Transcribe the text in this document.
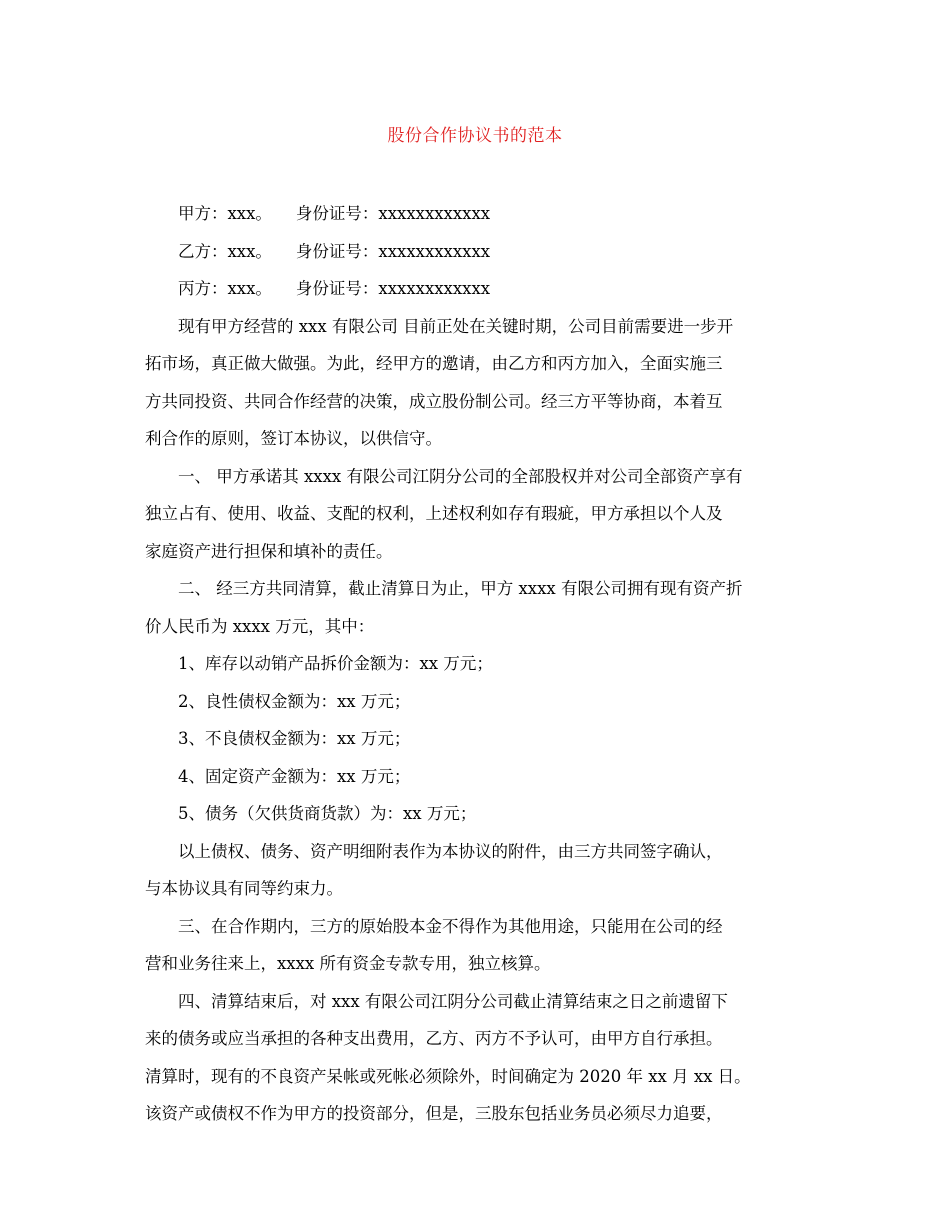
股份合作协议书的范本
甲方：xxx。 身份证号：xxxxxxxxxxxx
乙方：xxx。 身份证号：xxxxxxxxxxxx
丙方：xxx。 身份证号：xxxxxxxxxxxx
现有甲方经营的 xxx 有限公司 目前正处在关键时期，公司目前需要进一步开
拓市场，真正做大做强。为此，经甲方的邀请，由乙方和丙方加入，全面实施三
方共同投资、共同合作经营的决策，成立股份制公司。经三方平等协商，本着互
利合作的原则，签订本协议，以供信守。
一、 甲方承诺其 xxxx 有限公司江阴分公司的全部股权并对公司全部资产享有
独立占有、使用、收益、支配的权利，上述权利如存有瑕疵，甲方承担以个人及
家庭资产进行担保和填补的责任。
二、 经三方共同清算，截止清算日为止，甲方 xxxx 有限公司拥有现有资产折
价人民币为 xxxx 万元，其中：
1、库存以动销产品拆价金额为：xx 万元；
2、良性债权金额为：xx 万元；
3、不良债权金额为：xx 万元；
4、固定资产金额为：xx 万元；
5、债务（欠供货商货款）为：xx 万元；
以上债权、债务、资产明细附表作为本协议的附件，由三方共同签字确认，
与本协议具有同等约束力。
三、在合作期内，三方的原始股本金不得作为其他用途，只能用在公司的经
营和业务往来上，xxxx 所有资金专款专用，独立核算。
四、清算结束后，对 xxx 有限公司江阴分公司截止清算结束之日之前遗留下
来的债务或应当承担的各种支出费用，乙方、丙方不予认可，由甲方自行承担。
清算时，现有的不良资产呆帐或死帐必须除外，时间确定为 2020 年 xx 月 xx 日。
该资产或债权不作为甲方的投资部分，但是，三股东包括业务员必须尽力追要，
